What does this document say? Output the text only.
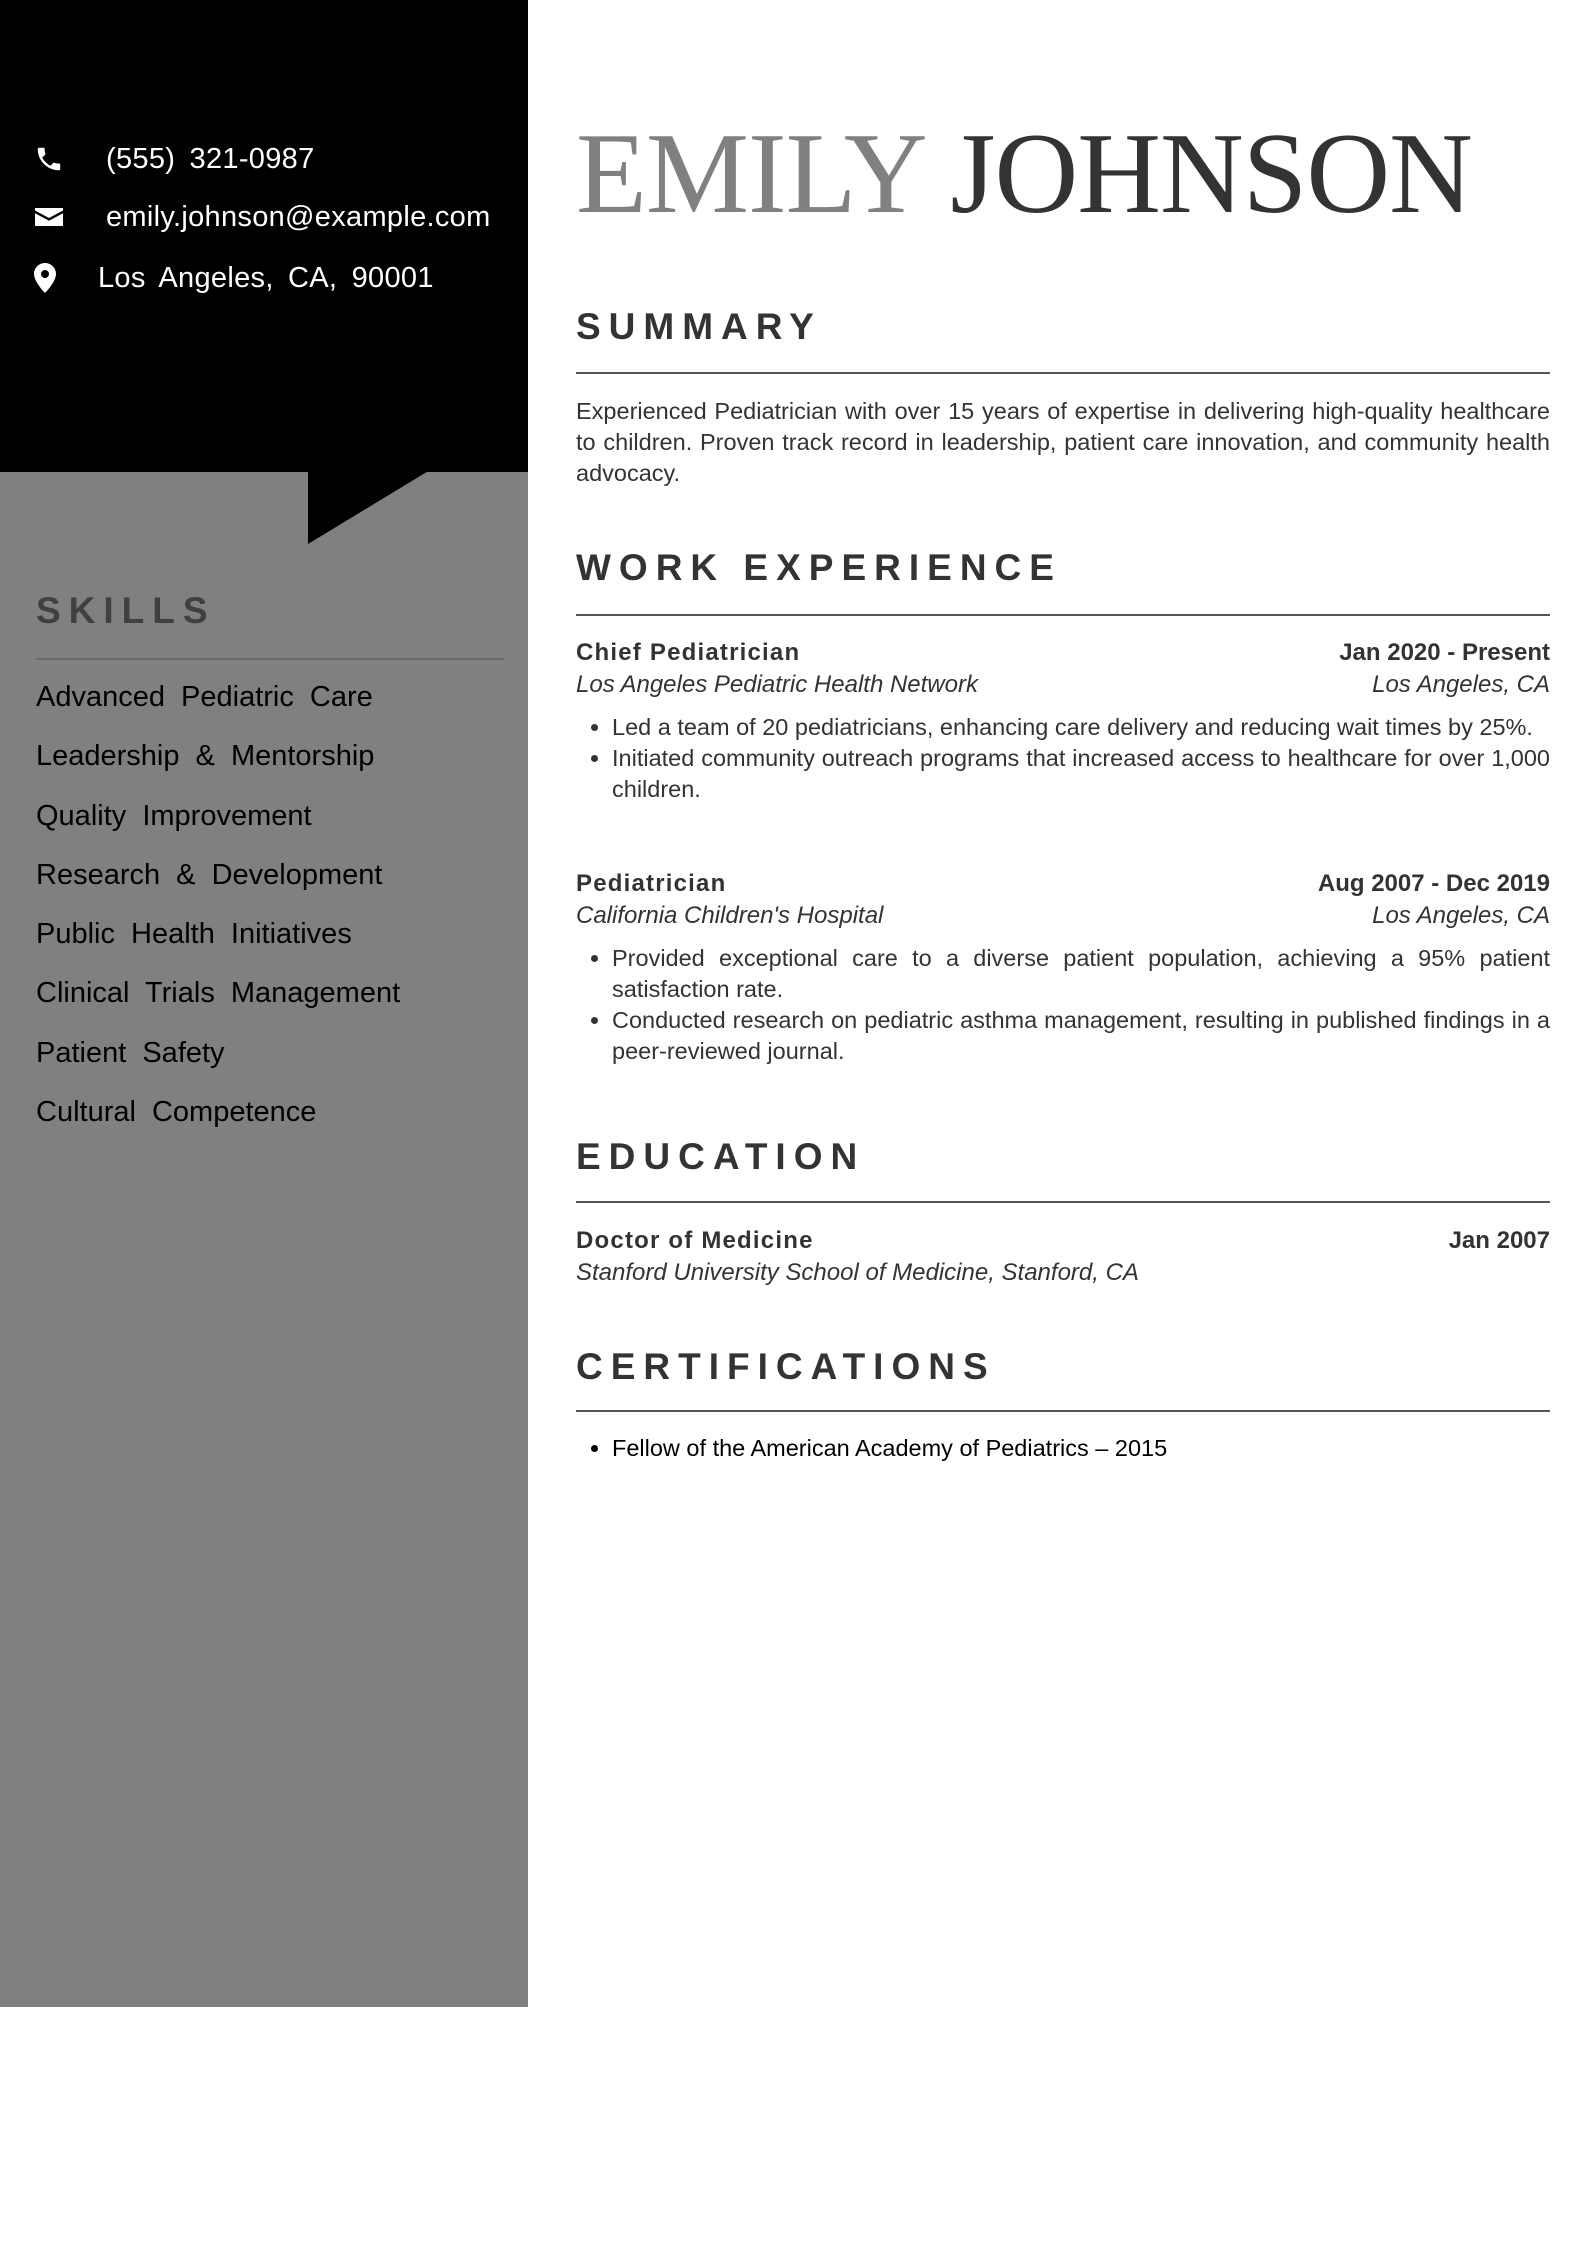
(555) 321-0987
emily.johnson@example.com
Los Angeles, CA, 90001
SKILLS
Advanced Pediatric Care
Leadership & Mentorship
Quality Improvement
Research & Development
Public Health Initiatives
Clinical Trials Management
Patient Safety
Cultural Competence
EMILY JOHNSON
SUMMARY

Experienced Pediatrician with over 15 years of expertise in delivering high-quality healthcare to children. Proven track record in leadership, patient care innovation, and community health advocacy.

WORK EXPERIENCE
Chief Pediatrician	Jan 2020 - Present
Los Angeles Pediatric Health Network	Los Angeles, CA
• Led a team of 20 pediatricians, enhancing care delivery and reducing wait times by 25%.
• Initiated community outreach programs that increased access to healthcare for over 1,000 children.
Pediatrician	Aug 2007 - Dec 2019
California Children's Hospital	Los Angeles, CA
• Provided exceptional care to a diverse patient population, achieving a 95% patient satisfaction rate.
• Conducted research on pediatric asthma management, resulting in published findings in a peer-reviewed journal.
EDUCATION
Doctor of Medicine	Jan 2007
Stanford University School of Medicine, Stanford, CA
CERTIFICATIONS
• Fellow of the American Academy of Pediatrics – 2015
